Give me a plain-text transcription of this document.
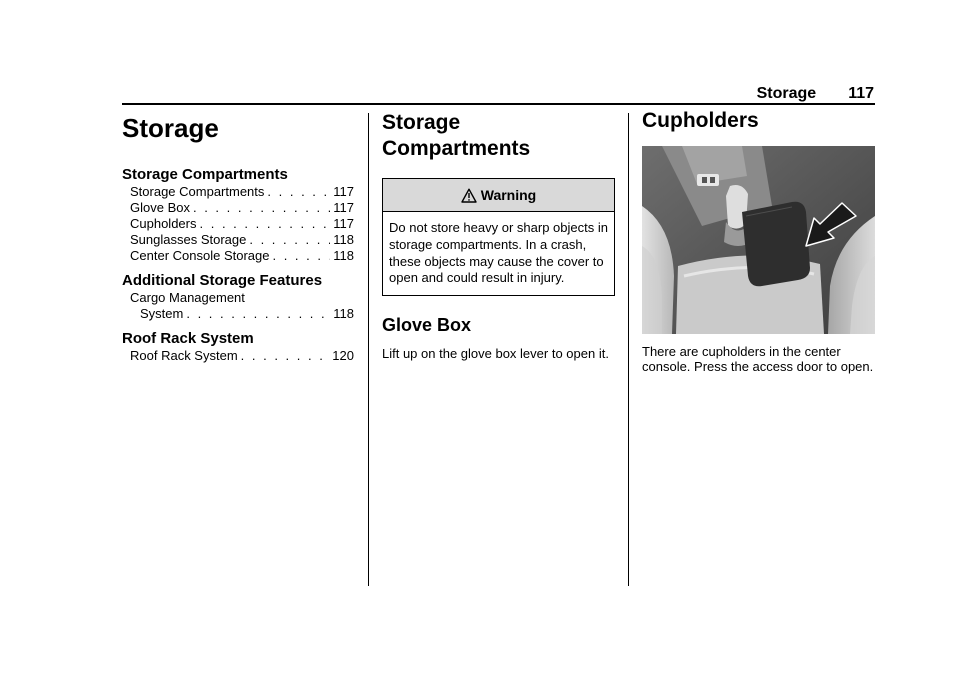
Storage 117
Storage
Storage Compartments
Storage Compartments . . .	117
Glove Box . . .	117
Cupholders . . .	117
Sunglasses Storage . . .	118
Center Console Storage . . .	118
Additional Storage Features
Cargo Management
System . . .	118
Roof Rack System
Roof Rack System . . .	120
Storage
Compartments
Warning
Do not store heavy or sharp objects in storage compartments. In a crash, these objects may cause the cover to open and could result in injury.
Glove Box
Lift up on the glove box lever to open it.
Cupholders
There are cupholders in the center console. Press the access door to open.
